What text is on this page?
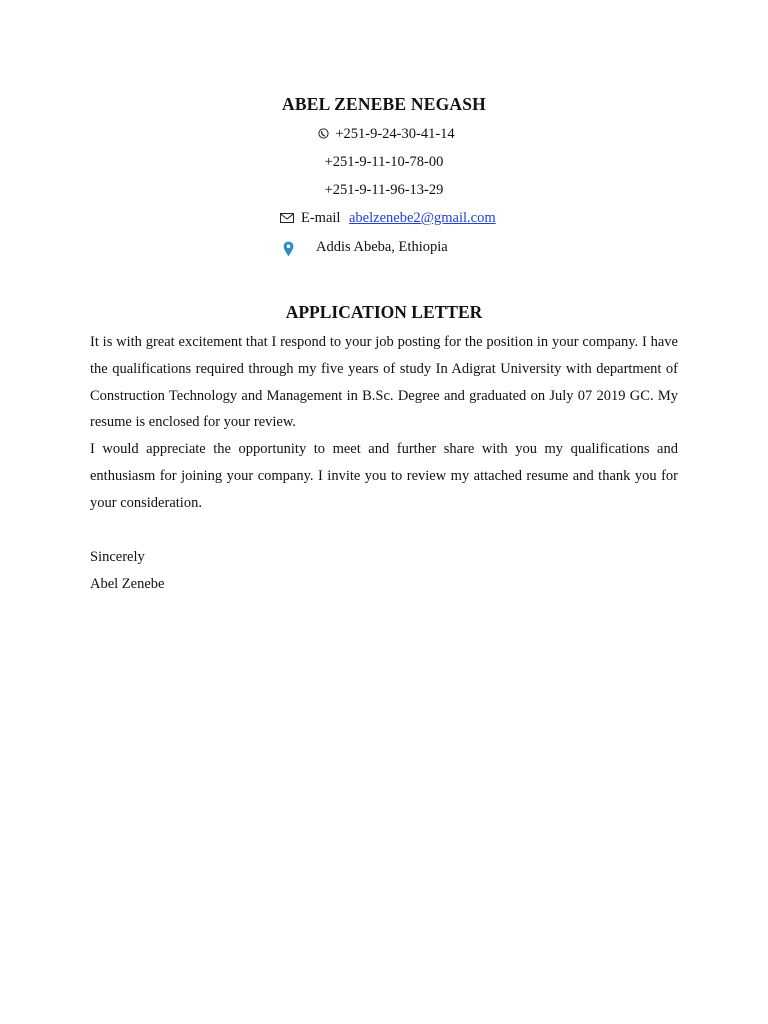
ABEL ZENEBE NEGASH
+251-9-24-30-41-14
+251-9-11-10-78-00
+251-9-11-96-13-29
E-mail abelzenebe2@gmail.com
Addis Abeba, Ethiopia
APPLICATION LETTER

It is with great excitement that I respond to your job posting for the position in your company. I have the qualifications required through my five years of study In Adigrat University with department of Construction Technology and Management in B.Sc. Degree and graduated on July 07 2019 GC. My resume is enclosed for your review.

I would appreciate the opportunity to meet and further share with you my qualifications and enthusiasm for joining your company. I invite you to review my attached resume and thank you for your consideration.

Sincerely
Abel Zenebe
